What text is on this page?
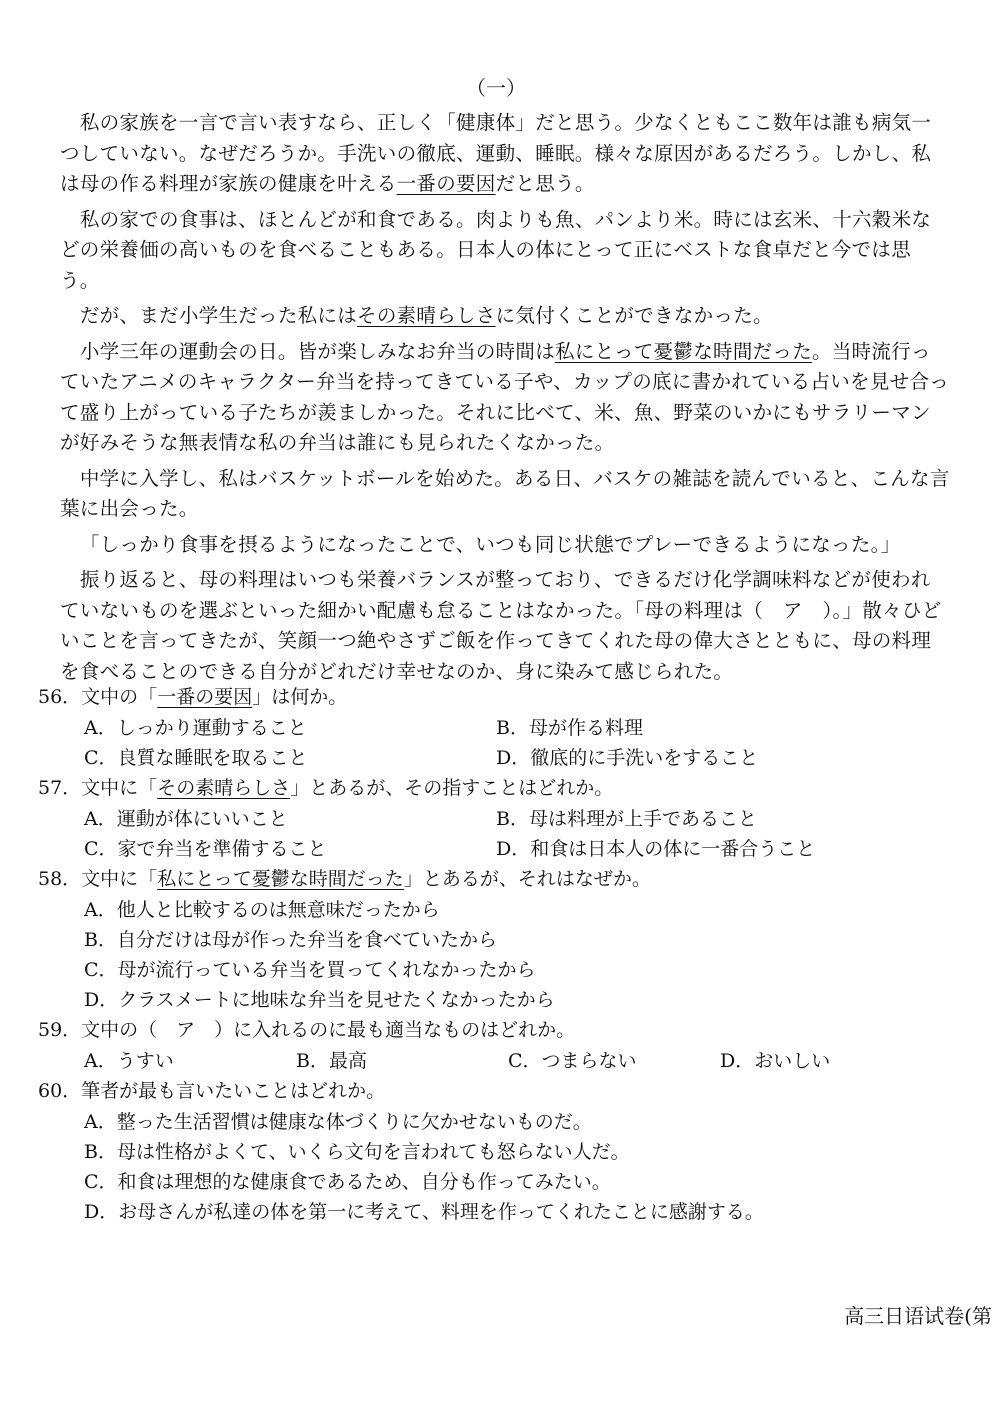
（一）

 私の家族を一言で言い表すなら、正しく「健康体」だと思う。少なくともここ数年は誰も病気一つしていない。なぜだろうか。手洗いの徹底、運動、睡眠。様々な原因があるだろう。しかし、私は母の作る料理が家族の健康を叶える一番の要因だと思う。

 私の家での食事は、ほとんどが和食である。肉よりも魚、パンより米。時には玄米、十六穀米などの栄養価の高いものを食べることもある。日本人の体にとって正にベストな食卓だと今では思う。

 だが、まだ小学生だった私にはその素晴らしさに気付くことができなかった。

 小学三年の運動会の日。皆が楽しみなお弁当の時間は私にとって憂鬱な時間だった。当時流行っていたアニメのキャラクター弁当を持ってきている子や、カップの底に書かれている占いを見せ合って盛り上がっている子たちが羨ましかった。それに比べて、米、魚、野菜のいかにもサラリーマンが好みそうな無表情な私の弁当は誰にも見られたくなかった。

 中学に入学し、私はバスケットボールを始めた。ある日、バスケの雑誌を読んでいると、こんな言葉に出会った。

 「しっかり食事を摂るようになったことで、いつも同じ状態でプレーできるようになった。」

 振り返ると、母の料理はいつも栄養バランスが整っており、できるだけ化学調味料などが使われていないものを選ぶといった細かい配慮も怠ることはなかった。「母の料理は（　ア　）。」散々ひどいことを言ってきたが、笑顔一つ絶やさずご飯を作ってきてくれた母の偉大さとともに、母の料理を食べることのできる自分がどれだけ幸せなのか、身に染みて感じられた。

56．文中の「一番の要因」は何か。
A．しっかり運動すること	B．母が作る料理
C．良質な睡眠を取ること	D．徹底的に手洗いをすること
57．文中に「その素晴らしさ」とあるが、その指すことはどれか。
A．運動が体にいいこと	B．母は料理が上手であること
C．家で弁当を準備すること	D．和食は日本人の体に一番合うこと
58．文中に「私にとって憂鬱な時間だった」とあるが、それはなぜか。
A．他人と比較するのは無意味だったから
B．自分だけは母が作った弁当を食べていたから
C．母が流行っている弁当を買ってくれなかったから
D．クラスメートに地味な弁当を見せたくなかったから
59．文中の（　ア　）に入れるのに最も適当なものはどれか。
A．うすい	B．最高	C．つまらない	D．おいしい
60．筆者が最も言いたいことはどれか。
A．整った生活習慣は健康な体づくりに欠かせないものだ。
B．母は性格がよくて、いくら文句を言われても怒らない人だ。
C．和食は理想的な健康食であるため、自分も作ってみたい。
D．お母さんが私達の体を第一に考えて、料理を作ってくれたことに感謝する。
高三日语试卷(第
